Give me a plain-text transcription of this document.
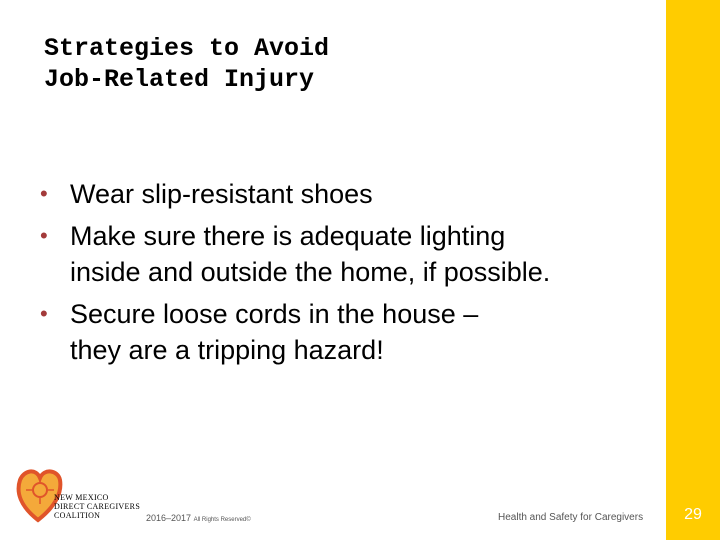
Strategies to Avoid
Job-Related Injury
• Wear slip-resistant shoes
• Make sure there is adequate lighting
inside and outside the home, if possible.
• Secure loose cords in the house –
they are a tripping hazard!
NEW MEXICO
DIRECT CAREGIVERS
COALITION	2016–2017 All Rights Reserved©	Health and Safety for Caregivers	29
